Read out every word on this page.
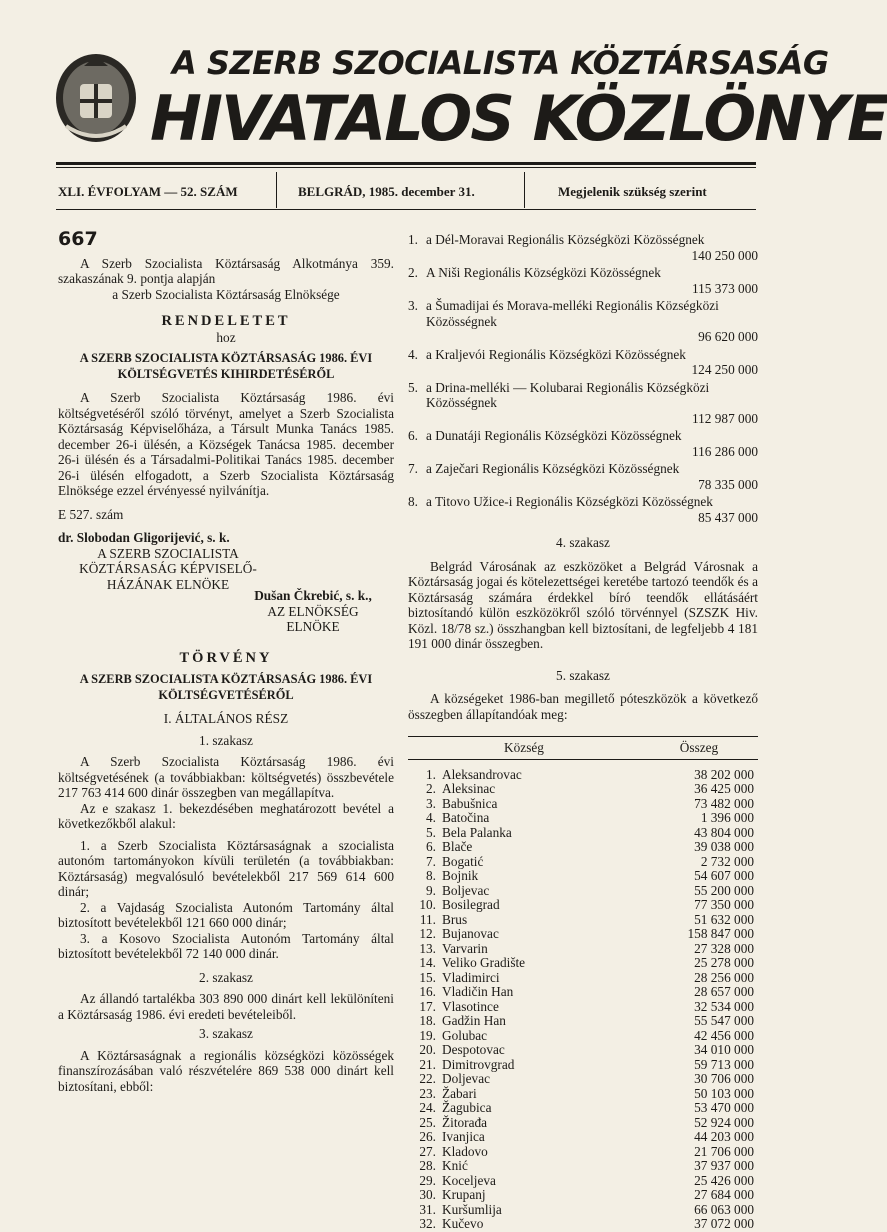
A SZERB SZOCIALISTA KÖZTÁRSASÁG
HIVATALOS KÖZLÖNYE
XLI. ÉVFOLYAM — 52. SZÁM	BELGRÁD, 1985. december 31.	Megjelenik szükség szerint
667

A Szerb Szocialista Köztársaság Alkotmánya 359. szakaszának 9. pontja alapján

a Szerb Szocialista Köztársaság Elnöksége

RENDELETET

hoz

A SZERB SZOCIALISTA KÖZTÁRSASÁG 1986. ÉVI KÖLTSÉGVETÉS KIHIRDETÉSÉRŐL

A Szerb Szocialista Köztársaság 1986. évi költségvetéséről szóló törvényt, amelyet a Szerb Szocialista Köztársaság Képviselőháza, a Társult Munka Tanács 1985. december 26-i ülésén, a Községek Tanácsa 1985. december 26-i ülésén és a Társadalmi-Politikai Tanács 1985. december 26-i ülésén elfogadott, a Szerb Szocialista Köztársaság Elnöksége ezzel érvényessé nyilvánítja.

E 527. szám

dr. Slobodan Gligorijević, s. k.

A SZERB SZOCIALISTA
KÖZTÁRSASÁG KÉPVISELŐ-
HÁZÁNAK ELNÖKE
Dušan Čkrebić, s. k.,
AZ ELNÖKSÉG
ELNÖKE

TÖRVÉNY

A SZERB SZOCIALISTA KÖZTÁRSASÁG 1986. ÉVI KÖLTSÉGVETÉSÉRŐL

I. ÁLTALÁNOS RÉSZ

1. szakasz

A Szerb Szocialista Köztársaság 1986. évi költségvetésének (a továbbiakban: költségvetés) összbevétele 217 763 414 600 dinár összegben van megállapítva.

Az e szakasz 1. bekezdésében meghatározott bevétel a következőkből alakul:

1. a Szerb Szocialista Köztársaságnak a szocialista autonóm tartományokon kívüli területén (a továbbiakban: Köztársaság) megvalósuló bevételekből 217 569 614 600 dinár;

2. a Vajdaság Szocialista Autonóm Tartomány által biztosított bevételekből 121 660 000 dinár;

3. a Kosovo Szocialista Autonóm Tartomány által biztosított bevételekből 72 140 000 dinár.

2. szakasz

Az állandó tartalékba 303 890 000 dinárt kell lekülöníteni a Köztársaság 1986. évi eredeti bevételeiből.

3. szakasz

A Köztársaságnak a regionális községközi közösségek finanszírozásában való részvételére 869 538 000 dinárt kell biztosítani, ebből:

1. a Dél-Moravai Regionális Községközi Közösségnek
140 250 000
2. A Niši Regionális Községközi Közösségnek
115 373 000
3. a Šumadijai és Morava-melléki Regionális Községközi Közösségnek
96 620 000
4. a Kraljevói Regionális Községközi Közösségnek
124 250 000
5. a Drina-melléki — Kolubarai Regionális Községközi Közösségnek
112 987 000
6. a Dunatáji Regionális Községközi Közösségnek
116 286 000
7. a Zaječari Regionális Községközi Közösségnek
78 335 000
8. a Titovo Užice-i Regionális Községközi Közösségnek
85 437 000

4. szakasz

Belgrád Városának az eszközöket a Belgrád Városnak a Köztársaság jogai és kötelezettségei keretébe tartozó teendők és a Köztársaság számára érdekkel bíró teendők ellátásáért biztosítandó külön eszközökről szóló törvénnyel (SZSZK Hiv. Közl. 18/78 sz.) összhangban kell biztosítani, de legfeljebb 4 181 191 000 dinár összegben.

5. szakasz

A községeket 1986-ban megillető póteszközök a következő összegben állapítandóak meg:

Község	Összeg
1. Aleksandrovac	38 202 000
2. Aleksinac	36 425 000
3. Babušnica	73 482 000
4. Batočina	1 396 000
5. Bela Palanka	43 804 000
6. Blače	39 038 000
7. Bogatić	2 732 000
8. Bojnik	54 607 000
9. Boljevac	55 200 000
10. Bosilegrad	77 350 000
11. Brus	51 632 000
12. Bujanovac	158 847 000
13. Varvarin	27 328 000
14. Veliko Gradište	25 278 000
15. Vladimirci	28 256 000
16. Vladičin Han	28 657 000
17. Vlasotince	32 534 000
18. Gadžin Han	55 547 000
19. Golubac	42 456 000
20. Despotovac	34 010 000
21. Dimitrovgrad	59 713 000
22. Doljevac	30 706 000
23. Žabari	50 103 000
24. Žagubica	53 470 000
25. Žitorađa	52 924 000
26. Ivanjica	44 203 000
27. Kladovo	21 706 000
28. Knić	37 937 000
29. Koceljeva	25 426 000
30. Krupanj	27 684 000
31. Kuršumlija	66 063 000
32. Kučevo	37 072 000
